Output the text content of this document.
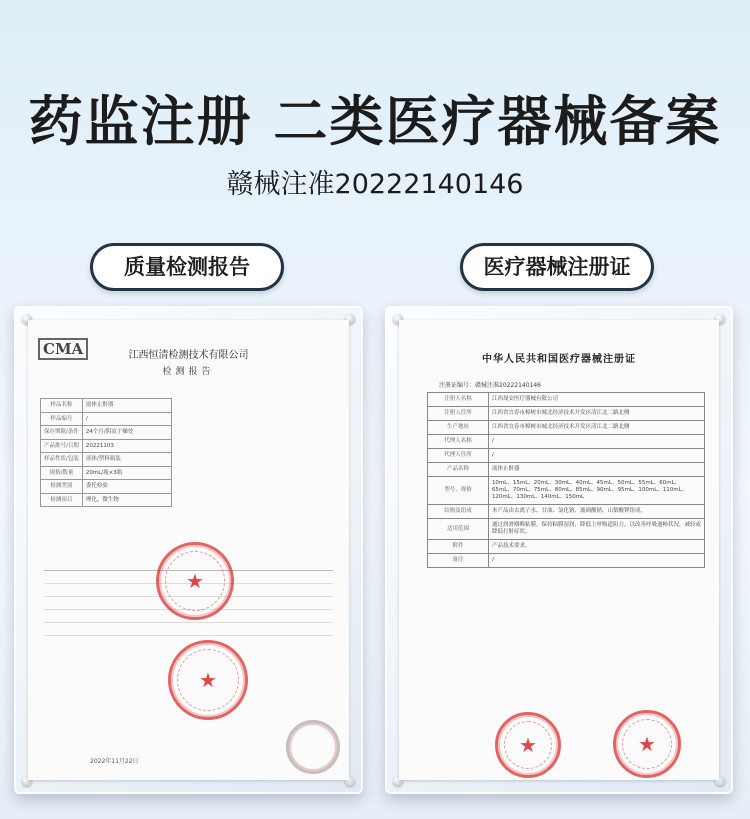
药监注册 二类医疗器械备案
赣械注准20222140146
质量检测报告	医疗器械注册证
CMA	江西恒清检测技术有限公司
检测报告
样品名称	液体止鼾器
样品编号	/
保存期限/条件	24个月/阴凉干燥处
产品批号/日期	20221103
样品性状/包装	液体/塑料瓶装
规格/数量	20mL/瓶×3瓶
检测类别	委托检验
检测项目	理化、微生物
★
★
2022年11月22日
中华人民共和国医疗器械注册证
注册证编号：赣械注准20222140146
注册人名称	江西晟安医疗器械有限公司
注册人住所	江西省宜春市樟树市城北经济技术开发区清江北二路北侧
生产地址	江西省宜春市樟树市城北经济技术开发区清江北二路北侧
代理人名称	/
代理人住所	/
产品名称	液体止鼾器
型号、规格	10mL、15mL、20mL、30mL、40mL、45mL、50mL、55mL、60mL、65mL、70mL、75mL、80mL、85mL、90mL、95mL、100mL、110mL、120mL、130mL、140mL、150mL
结构及组成	本产品由去离子水、甘油、氯化钠、玻璃酸钠、山梨酸钾组成。
适用范围	通过润滑咽喉粘膜，保持粘膜湿润，降低上呼吸道阻力，以改善呼吸通畅状况，减轻或降低打鼾症状。
附件	产品技术要求。
备注	/
★	★
